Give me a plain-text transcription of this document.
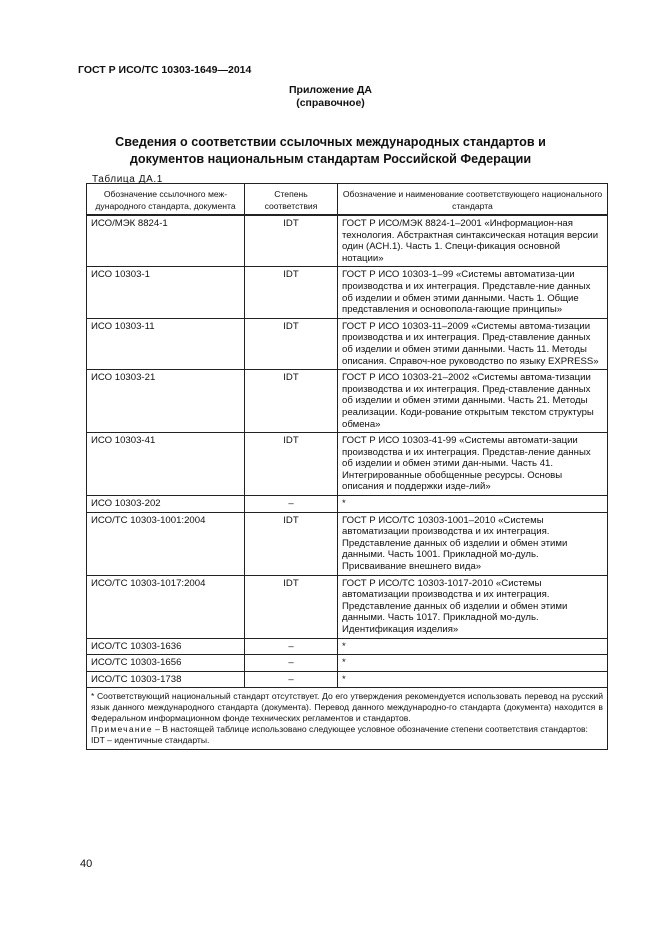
ГОСТ Р ИСО/ТС 10303-1649—2014
Приложение ДА
(справочное)
Сведения о соответствии ссылочных международных стандартов и
документов национальным стандартам Российской Федерации
Таблица ДА.1
Обозначение ссылочного меж-дународного стандарта, документа	Степень соответствия	Обозначение и наименование соответствующего национального стандарта
ИСО/МЭК 8824-1	IDT	ГОСТ Р ИСО/МЭК 8824-1–2001 «Информацион-ная технология. Абстрактная синтаксическая нотация версии один (АСН.1). Часть 1. Специ-фикация основной нотации»
ИСО 10303-1	IDT	ГОСТ Р ИСО 10303-1–99 «Системы автоматиза-ции производства и их интеграция. Представле-ние данных об изделии и обмен этими данными. Часть 1. Общие представления и основопола-гающие принципы»
ИСО 10303-11	IDT	ГОСТ Р ИСО 10303-11–2009 «Системы автома-тизации производства и их интеграция. Пред-ставление данных об изделии и обмен этими данными. Часть 11. Методы описания. Справоч-ное руководство по языку EXPRESS»
ИСО 10303-21	IDT	ГОСТ Р ИСО 10303-21–2002 «Системы автома-тизации производства и их интеграция. Пред-ставление данных об изделии и обмен этими данными. Часть 21. Методы реализации. Коди-рование открытым текстом структуры обмена»
ИСО 10303-41	IDT	ГОСТ Р ИСО 10303-41-99 «Системы автомати-зации производства и их интеграция. Представ-ление данных об изделии и обмен этими дан-ными. Часть 41. Интегрированные обобщенные ресурсы. Основы описания и поддержки изде-лий»
ИСО 10303-202	–	*
ИСО/ТС 10303-1001:2004	IDT	ГОСТ Р ИСО/ТС 10303-1001–2010 «Системы автоматизации производства и их интеграция. Представление данных об изделии и обмен этими данными. Часть 1001. Прикладной мо-дуль. Присваивание внешнего вида»
ИСО/ТС 10303-1017:2004	IDT	ГОСТ Р ИСО/ТС 10303-1017-2010 «Системы автоматизации производства и их интеграция. Представление данных об изделии и обмен этими данными. Часть 1017. Прикладной мо-дуль. Идентификация изделия»
ИСО/ТС 10303-1636	–	*
ИСО/ТС 10303-1656	–	*
ИСО/ТС 10303-1738	–	*

* Соответствующий национальный стандарт отсутствует. До его утверждения рекомендуется использовать перевод на русский язык данного международного стандарта (документа). Перевод данного международно-го стандарта (документа) находится в Федеральном информационном фонде технических регламентов и стандартов.
Примечание – В настоящей таблице использовано следующее условное обозначение степени соответствия стандартов:
IDT – идентичные стандарты.		
40
